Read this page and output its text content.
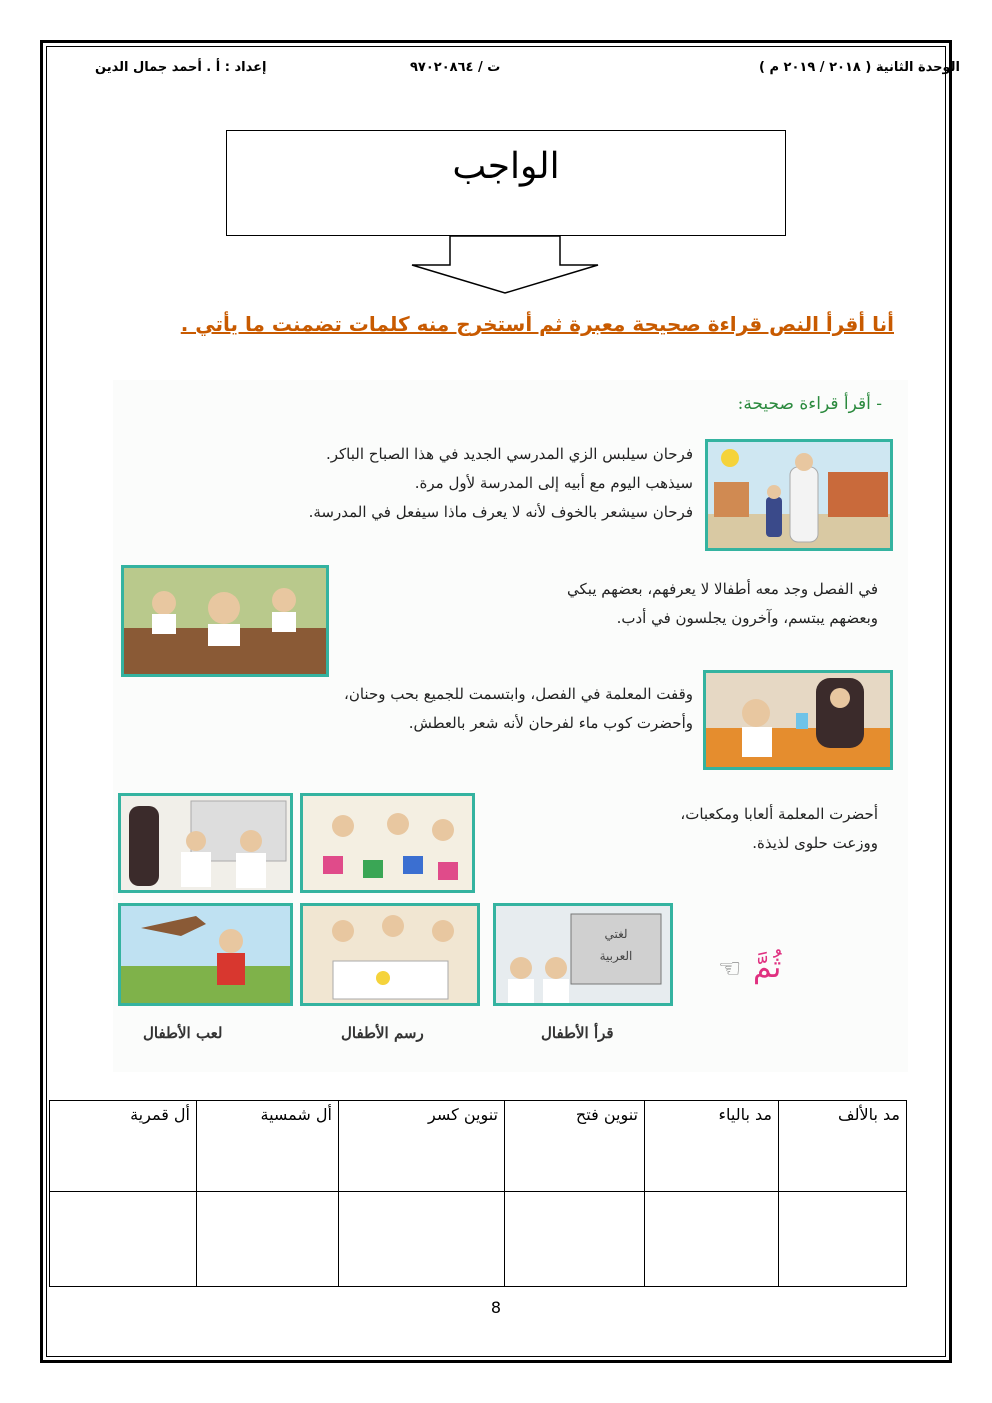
الوحدة الثانية ( ٢٠١٨ / ٢٠١٩ م )
ت / ٩٧٠٢٠٨٦٤
إعداد : أ . أحمد جمال الدين
الواجب
أنا أقرأ النص قراءة صحيحة معبرة ثم أستخرج منه كلمات تضمنت ما يأتي .
- أقرأ قراءة صحيحة:

فرحان سيلبس الزي المدرسي الجديد في هذا الصباح الباكر.

سيذهب اليوم مع أبيه إلى المدرسة لأول مرة.

فرحان سيشعر بالخوف لأنه لا يعرف ماذا سيفعل في المدرسة.

في الفصل وجد معه أطفالا لا يعرفهم، بعضهم يبكي

وبعضهم يبتسم، وآخرون يجلسون في أدب.

وقفت المعلمة في الفصل، وابتسمت للجميع بحب وحنان،

وأحضرت كوب ماء لفرحان لأنه شعر بالعطش.

أحضرت المعلمة ألعابا ومكعبات،

ووزعت حلوى لذيذة.

لغتي
العربية	ثُمَّ
☜
لعب الأطفال	رسم الأطفال	قرأ الأطفال
مد بالألف	مد بالياء	تنوين فتح	تنوين كسر	أل شمسية	أل قمرية

8
